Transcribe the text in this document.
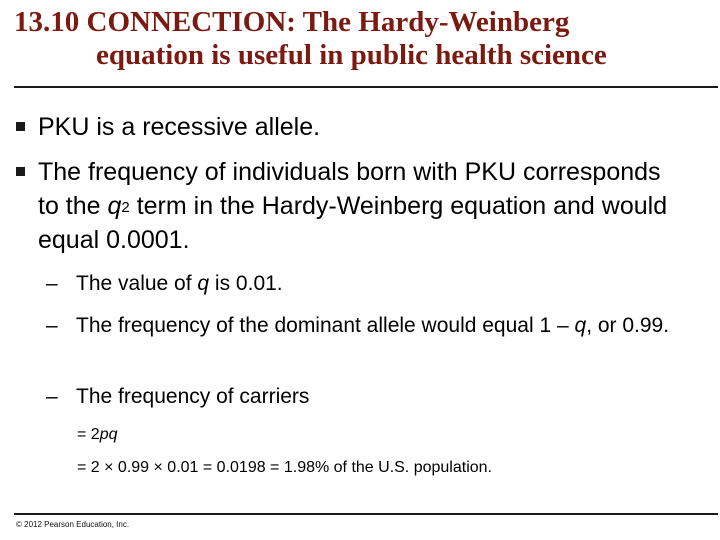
13.10 CONNECTION: The Hardy-Weinberg
equation is useful in public health science
PKU is a recessive allele.
The frequency of individuals born with PKU corresponds to the $q^2$ term in the Hardy-Weinberg equation and would equal 0.0001.
– The value of q is 0.01.
– The frequency of the dominant allele would equal 1 – q, or 0.99.
– The frequency of carriers
= 2pq
= 2 × 0.99 × 0.01 = 0.0198 = 1.98% of the U.S. population.
© 2012 Pearson Education, Inc.
